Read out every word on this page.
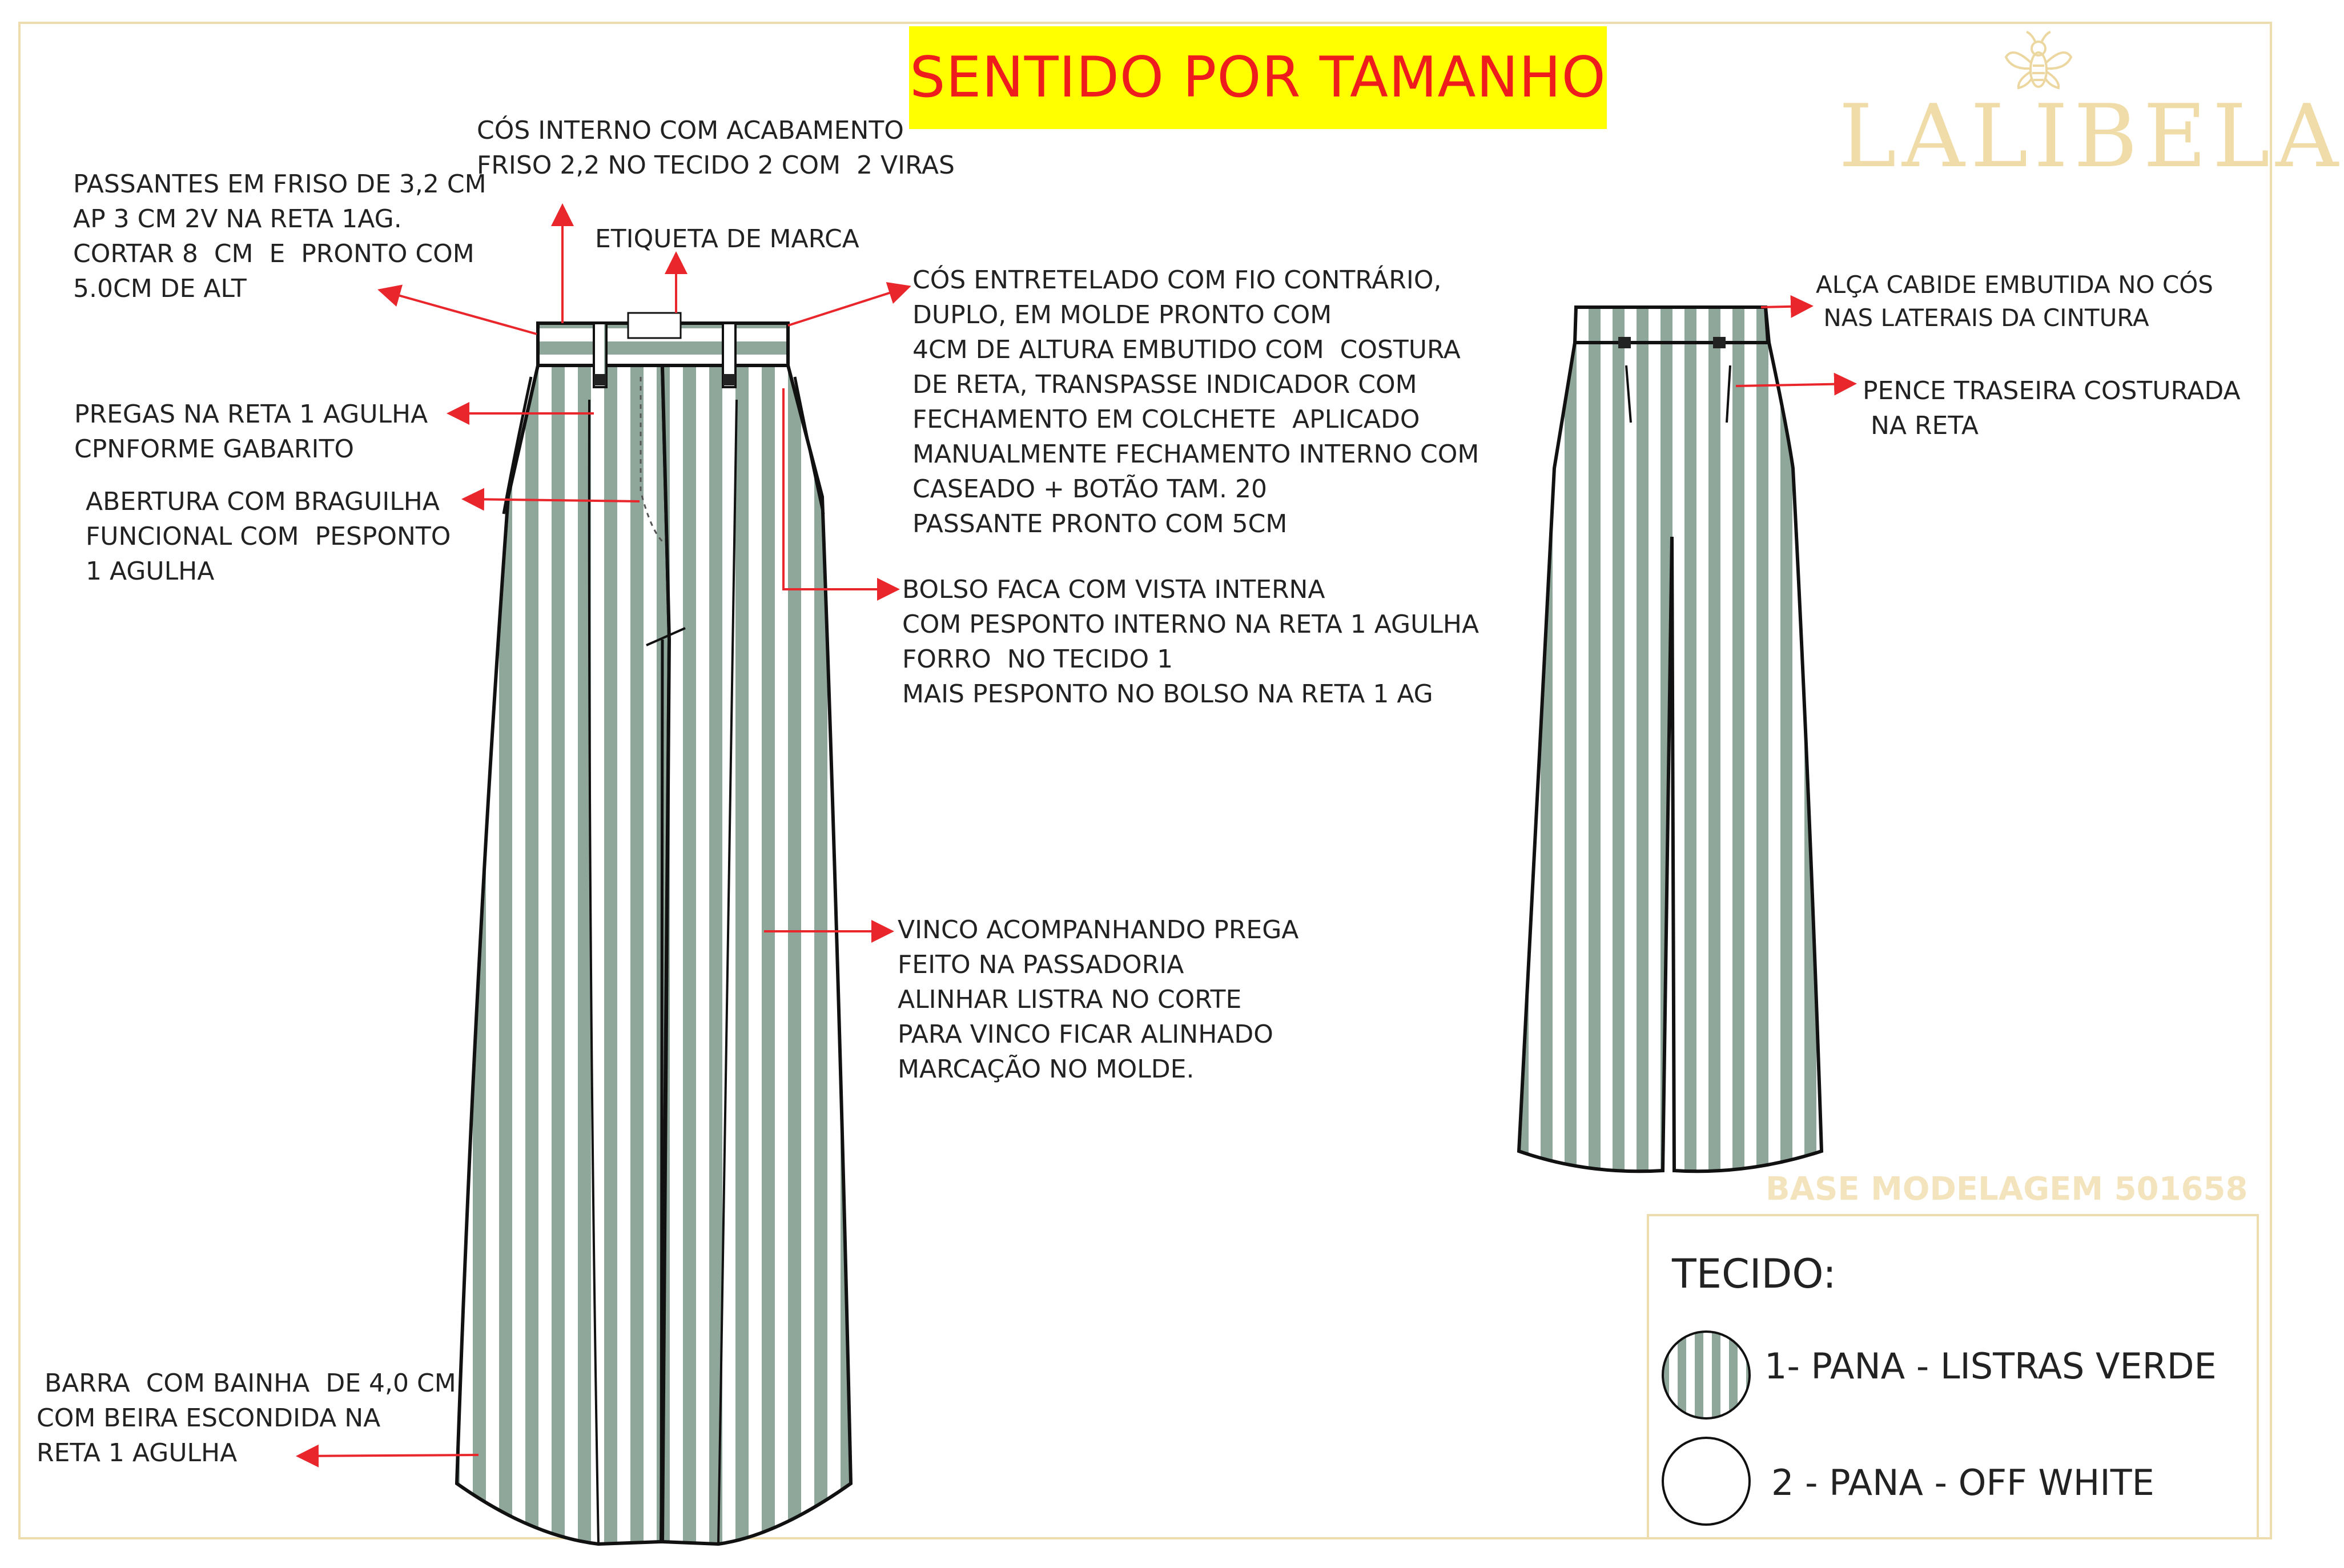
SENTIDO POR TAMANHO
LALIBELA
CÓS INTERNO COM ACABAMENTO
FRISO 2,2 NO TECIDO 2 COM  2 VIRAS
PASSANTES EM FRISO DE 3,2 CM
AP 3 CM 2V NA RETA 1AG.
CORTAR 8  CM  E  PRONTO COM
5.0CM DE ALT
ETIQUETA DE MARCA
CÓS ENTRETELADO COM FIO CONTRÁRIO,
DUPLO, EM MOLDE PRONTO COM
4CM DE ALTURA EMBUTIDO COM  COSTURA
DE RETA, TRANSPASSE INDICADOR COM
FECHAMENTO EM COLCHETE  APLICADO
MANUALMENTE FECHAMENTO INTERNO COM
CASEADO + BOTÃO TAM. 20
PASSANTE PRONTO COM 5CM
PREGAS NA RETA 1 AGULHA
CPNFORME GABARITO
ABERTURA COM BRAGUILHA
FUNCIONAL COM  PESPONTO
1 AGULHA
BOLSO FACA COM VISTA INTERNA
COM PESPONTO INTERNO NA RETA 1 AGULHA
FORRO  NO TECIDO 1
MAIS PESPONTO NO BOLSO NA RETA 1 AG
VINCO ACOMPANHANDO PREGA
FEITO NA PASSADORIA
ALINHAR LISTRA NO CORTE
PARA VINCO FICAR ALINHADO
MARCAÇÃO NO MOLDE.
BARRA  COM BAINHA  DE 4,0 CM
COM BEIRA ESCONDIDA NA
RETA 1 AGULHA
ALÇA CABIDE EMBUTIDA NO CÓS
NAS LATERAIS DA CINTURA
PENCE TRASEIRA COSTURADA
NA RETA
BASE MODELAGEM 501658
TECIDO:
1- PANA - LISTRAS VERDE
2 - PANA - OFF WHITE
